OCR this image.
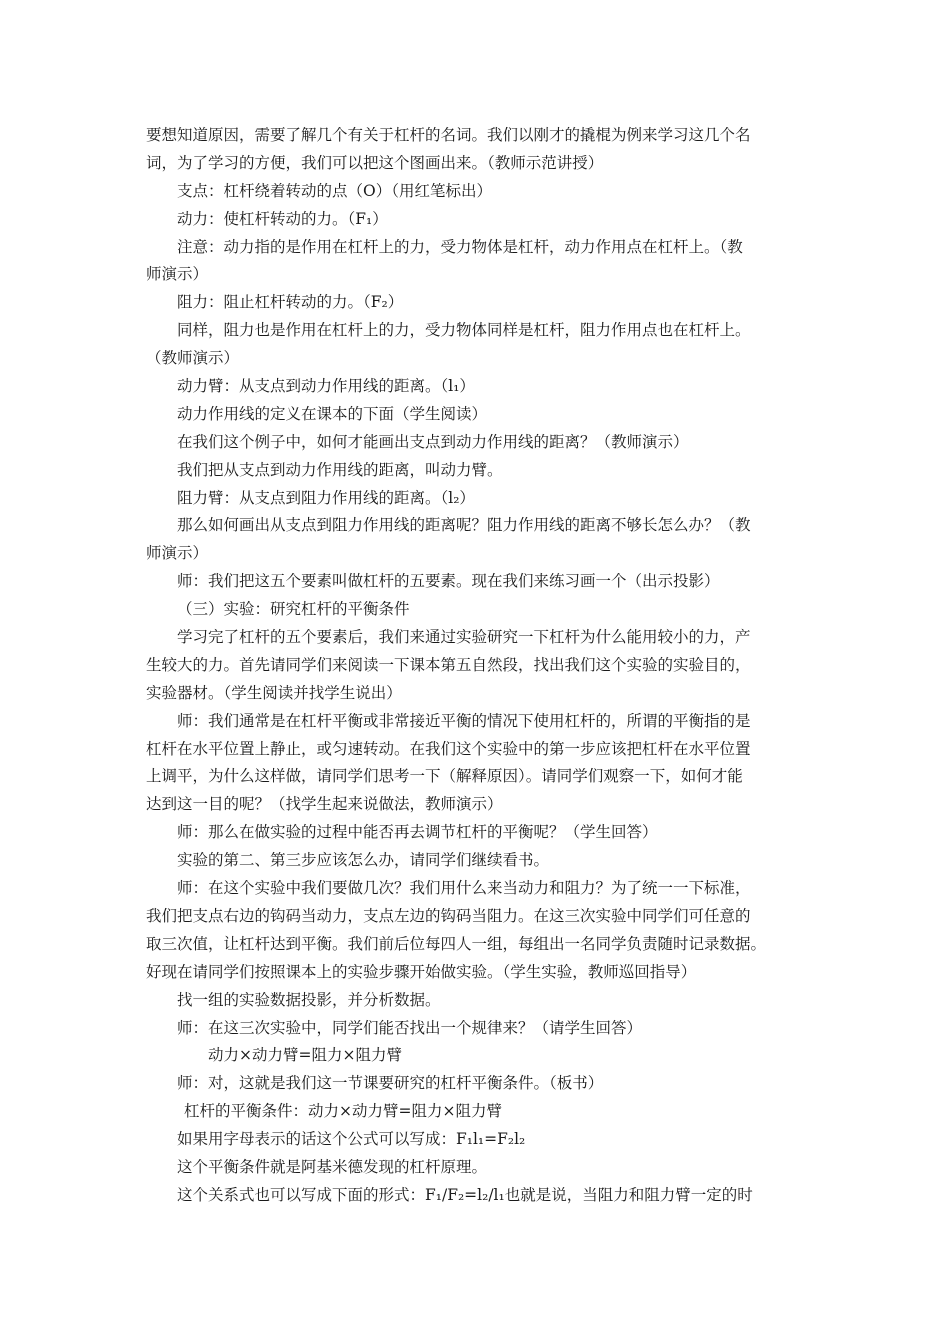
要想知道原因，需要了解几个有关于杠杆的名词。我们以刚才的撬棍为例来学习这几个名
词，为了学习的方便，我们可以把这个图画出来。（教师示范讲授）
支点：杠杆绕着转动的点（O）（用红笔标出）
动力：使杠杆转动的力。（F₁）
注意：动力指的是作用在杠杆上的力，受力物体是杠杆，动力作用点在杠杆上。（教
师演示）
阻力：阻止杠杆转动的力。（F₂）
同样，阻力也是作用在杠杆上的力，受力物体同样是杠杆，阻力作用点也在杠杆上。
（教师演示）
动力臂：从支点到动力作用线的距离。（l₁）
动力作用线的定义在课本的下面（学生阅读）
在我们这个例子中，如何才能画出支点到动力作用线的距离？（教师演示）
我们把从支点到动力作用线的距离，叫动力臂。
阻力臂：从支点到阻力作用线的距离。（l₂）
那么如何画出从支点到阻力作用线的距离呢？阻力作用线的距离不够长怎么办？（教
师演示）
师：我们把这五个要素叫做杠杆的五要素。现在我们来练习画一个（出示投影）
（三）实验：研究杠杆的平衡条件
学习完了杠杆的五个要素后，我们来通过实验研究一下杠杆为什么能用较小的力，产
生较大的力。首先请同学们来阅读一下课本第五自然段，找出我们这个实验的实验目的，
实验器材。（学生阅读并找学生说出）
师：我们通常是在杠杆平衡或非常接近平衡的情况下使用杠杆的，所谓的平衡指的是
杠杆在水平位置上静止，或匀速转动。在我们这个实验中的第一步应该把杠杆在水平位置
上调平，为什么这样做，请同学们思考一下（解释原因）。请同学们观察一下，如何才能
达到这一目的呢？（找学生起来说做法，教师演示）
师：那么在做实验的过程中能否再去调节杠杆的平衡呢？（学生回答）
实验的第二、第三步应该怎么办，请同学们继续看书。
师：在这个实验中我们要做几次？我们用什么来当动力和阻力？为了统一一下标准，
我们把支点右边的钩码当动力，支点左边的钩码当阻力。在这三次实验中同学们可任意的
取三次值，让杠杆达到平衡。我们前后位每四人一组，每组出一名同学负责随时记录数据。
好现在请同学们按照课本上的实验步骤开始做实验。（学生实验，教师巡回指导）
找一组的实验数据投影，并分析数据。
师：在这三次实验中，同学们能否找出一个规律来？（请学生回答）
动力×动力臂=阻力×阻力臂
师：对，这就是我们这一节课要研究的杠杆平衡条件。（板书）
杠杆的平衡条件：动力×动力臂=阻力×阻力臂
如果用字母表示的话这个公式可以写成：F₁l₁=F₂l₂
这个平衡条件就是阿基米德发现的杠杆原理。
这个关系式也可以写成下面的形式：F₁/F₂=l₂/l₁也就是说，当阻力和阻力臂一定的时
